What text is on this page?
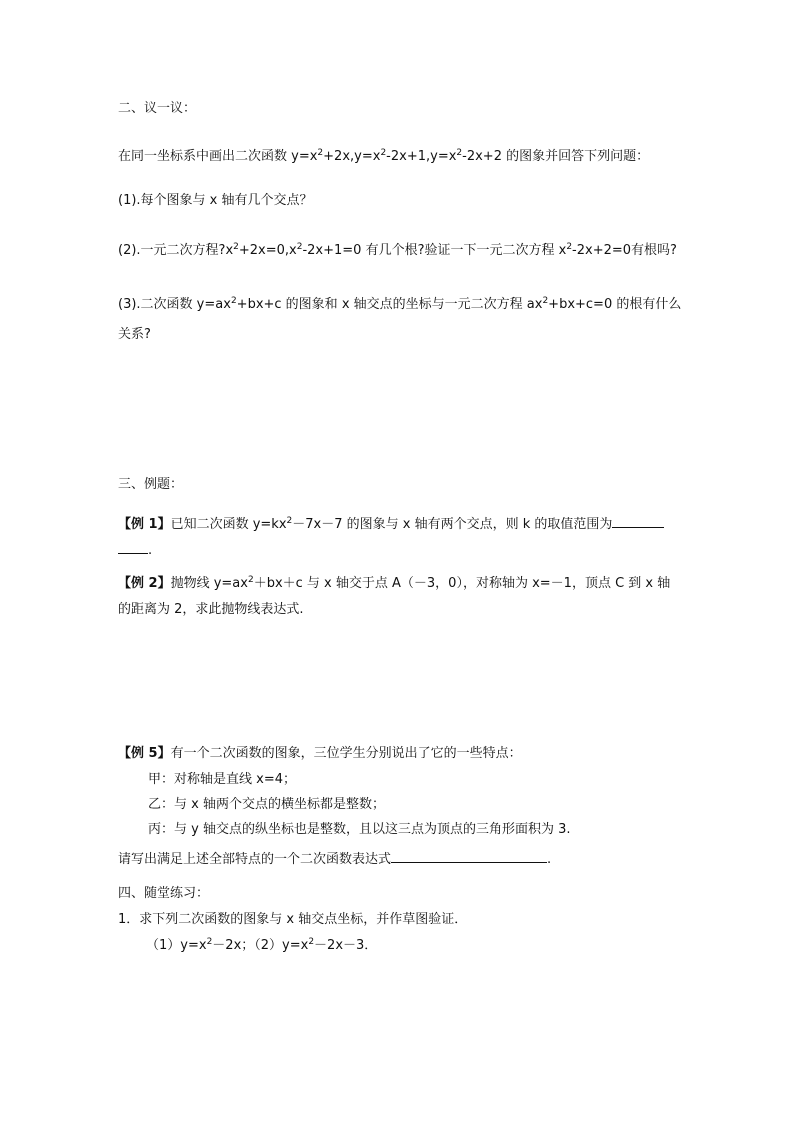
二、议一议：
在同一坐标系中画出二次函数 $y=x^2+2x,y=x^2-2x+1,y=x^2-2x+2$ 的图象并回答下列问题：
(1).每个图象与 x 轴有几个交点？
(2).一元二次方程$?x^2+2x=0,x^2-2x+1=0$ 有几个根?验证一下一元二次方程 $x^2-2x+2=0$有根吗?
(3).二次函数 $y=ax^2+bx+c$ 的图象和 x 轴交点的坐标与一元二次方程 $ax^2+bx+c=0$ 的根有什么
关系?
三、例题：
【例 1】已知二次函数 $y=kx^2-7x-7$ 的图象与 x 轴有两个交点，则 k 的取值范围为
.
【例 2】抛物线 $y=ax^2+bx+c$ 与 x 轴交于点 A（－3，0），对称轴为 x=－1，顶点 C 到 x 轴
的距离为 2，求此抛物线表达式.
【例 5】有一个二次函数的图象，三位学生分别说出了它的一些特点：
甲：对称轴是直线 x=4；
乙：与 x 轴两个交点的横坐标都是整数；
丙：与 y 轴交点的纵坐标也是整数，且以这三点为顶点的三角形面积为 3.
请写出满足上述全部特点的一个二次函数表达式	.
四、随堂练习：
1．求下列二次函数的图象与 x 轴交点坐标，并作草图验证．
$(1)y=x^2-2x$；$(2)y=x^2-2x-3$．
